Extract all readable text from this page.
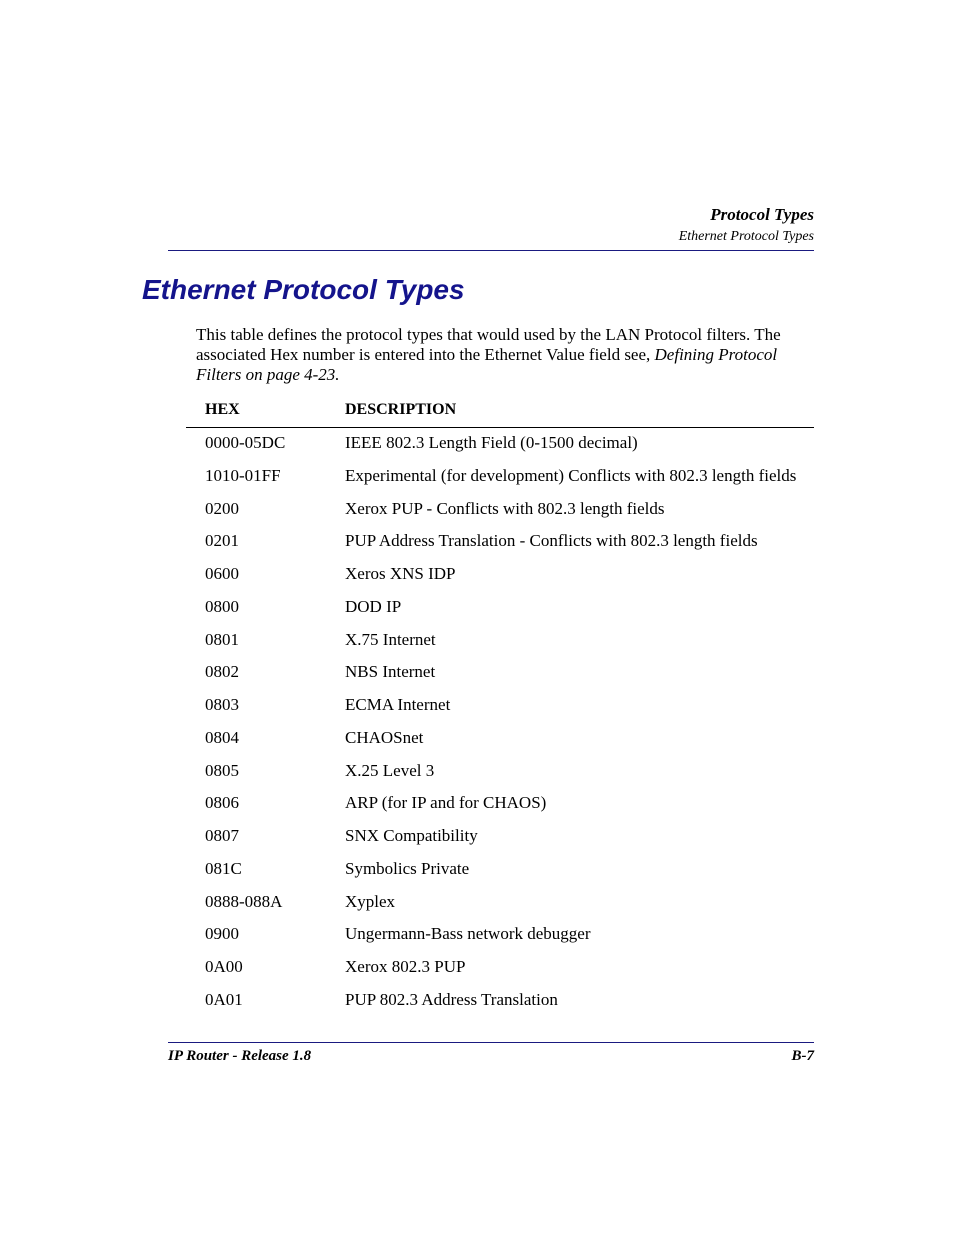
Protocol Types
Ethernet Protocol Types
Ethernet Protocol Types

This table defines the protocol types that would used by the LAN Protocol filters. The associated Hex number is entered into the Ethernet Value field see, Defining Protocol Filters on page 4-23.

HEX	DESCRIPTION
0000-05DC	IEEE 802.3 Length Field (0-1500 decimal)
1010-01FF	Experimental (for development) Conflicts with 802.3 length fields
0200	Xerox PUP - Conflicts with 802.3 length fields
0201	PUP Address Translation - Conflicts with 802.3 length fields
0600	Xeros XNS IDP
0800	DOD IP
0801	X.75 Internet
0802	NBS Internet
0803	ECMA Internet
0804	CHAOSnet
0805	X.25 Level 3
0806	ARP (for IP and for CHAOS)
0807	SNX Compatibility
081C	Symbolics Private
0888-088A	Xyplex
0900	Ungermann-Bass network debugger
0A00	Xerox 802.3 PUP
0A01	PUP 802.3 Address Translation
IP Router - Release 1.8	B-7
